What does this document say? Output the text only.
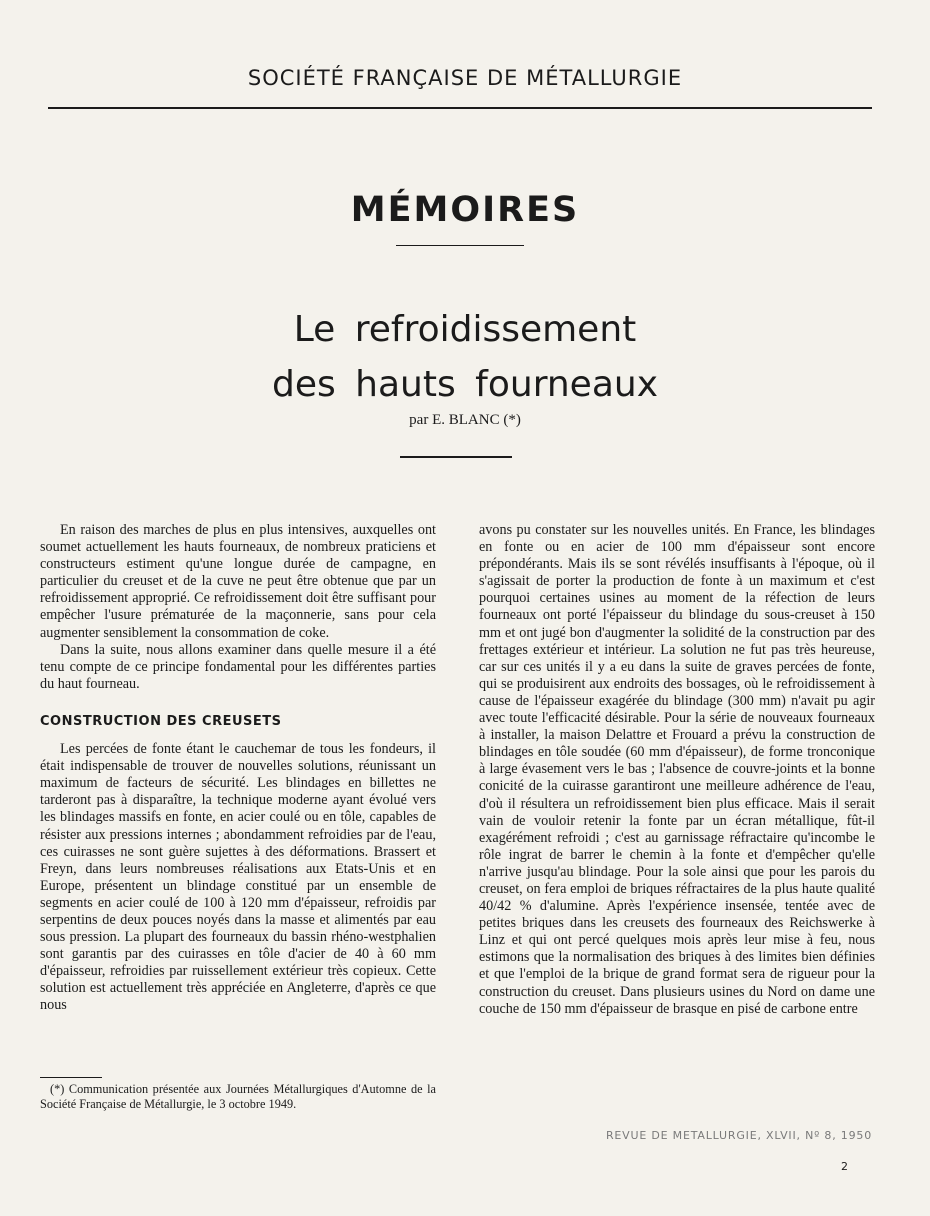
SOCIÉTÉ FRANÇAISE DE MÉTALLURGIE
MÉMOIRES
Le refroidissement
des hauts fourneaux
par E. BLANC (*)

En raison des marches de plus en plus intensives, auxquelles ont soumet actuellement les hauts fourneaux, de nombreux praticiens et constructeurs estiment qu'une longue durée de campagne, en particulier du creuset et de la cuve ne peut être obtenue que par un refroidissement approprié. Ce refroidissement doit être suffisant pour empêcher l'usure prématurée de la maçonnerie, sans pour cela augmenter sensiblement la consommation de coke.

Dans la suite, nous allons examiner dans quelle mesure il a été tenu compte de ce principe fondamental pour les différentes parties du haut fourneau.

CONSTRUCTION DES CREUSETS

Les percées de fonte étant le cauchemar de tous les fondeurs, il était indispensable de trouver de nouvelles solutions, réunissant un maximum de facteurs de sécurité. Les blindages en billettes ne tarderont pas à disparaître, la technique moderne ayant évolué vers les blindages massifs en fonte, en acier coulé ou en tôle, capables de résister aux pressions internes ; abondamment refroidies par de l'eau, ces cuirasses ne sont guère sujettes à des déformations. Brassert et Freyn, dans leurs nombreuses réalisations aux Etats-Unis et en Europe, présentent un blindage constitué par un ensemble de segments en acier coulé de 100 à 120 mm d'épaisseur, refroidis par serpentins de deux pouces noyés dans la masse et alimentés par eau sous pression. La plupart des fourneaux du bassin rhéno-westphalien sont garantis par des cuirasses en tôle d'acier de 40 à 60 mm d'épaisseur, refroidies par ruissellement extérieur très copieux. Cette solution est actuellement très appréciée en Angleterre, d'après ce que nous

avons pu constater sur les nouvelles unités. En France, les blindages en fonte ou en acier de 100 mm d'épaisseur sont encore prépondérants. Mais ils se sont révélés insuffisants à l'époque, où il s'agissait de porter la production de fonte à un maximum et c'est pourquoi certaines usines au moment de la réfection de leurs fourneaux ont porté l'épaisseur du blindage du sous-creuset à 150 mm et ont jugé bon d'augmenter la solidité de la construction par des frettages extérieur et intérieur. La solution ne fut pas très heureuse, car sur ces unités il y a eu dans la suite de graves percées de fonte, qui se produisirent aux endroits des bossages, où le refroidissement à cause de l'épaisseur exagérée du blindage (300 mm) n'avait pu agir avec toute l'efficacité désirable. Pour la série de nouveaux fourneaux à installer, la maison Delattre et Frouard a prévu la construction de blindages en tôle soudée (60 mm d'épaisseur), de forme tronconique à large évasement vers le bas ; l'absence de couvre-joints et la bonne conicité de la cuirasse garantiront une meilleure adhérence de l'eau, d'où il résultera un refroidissement bien plus efficace. Mais il serait vain de vouloir retenir la fonte par un écran métallique, fût-il exagérément refroidi ; c'est au garnissage réfractaire qu'incombe le rôle ingrat de barrer le chemin à la fonte et d'empêcher qu'elle n'arrive jusqu'au blindage. Pour la sole ainsi que pour les parois du creuset, on fera emploi de briques réfractaires de la plus haute qualité 40/42 % d'alumine. Après l'expérience insensée, tentée avec de petites briques dans les creusets des fourneaux des Reichswerke à Linz et qui ont percé quelques mois après leur mise à feu, nous estimons que la normalisation des briques à des limites bien définies et que l'emploi de la brique de grand format sera de rigueur pour la construction du creuset. Dans plusieurs usines du Nord on dame une couche de 150 mm d'épaisseur de brasque en pisé de carbone entre

(*) Communication présentée aux Journées Métallurgiques d'Automne de la Société Française de Métallurgie, le 3 octobre 1949.
REVUE DE METALLURGIE, XLVII, Nº 8, 1950
2
